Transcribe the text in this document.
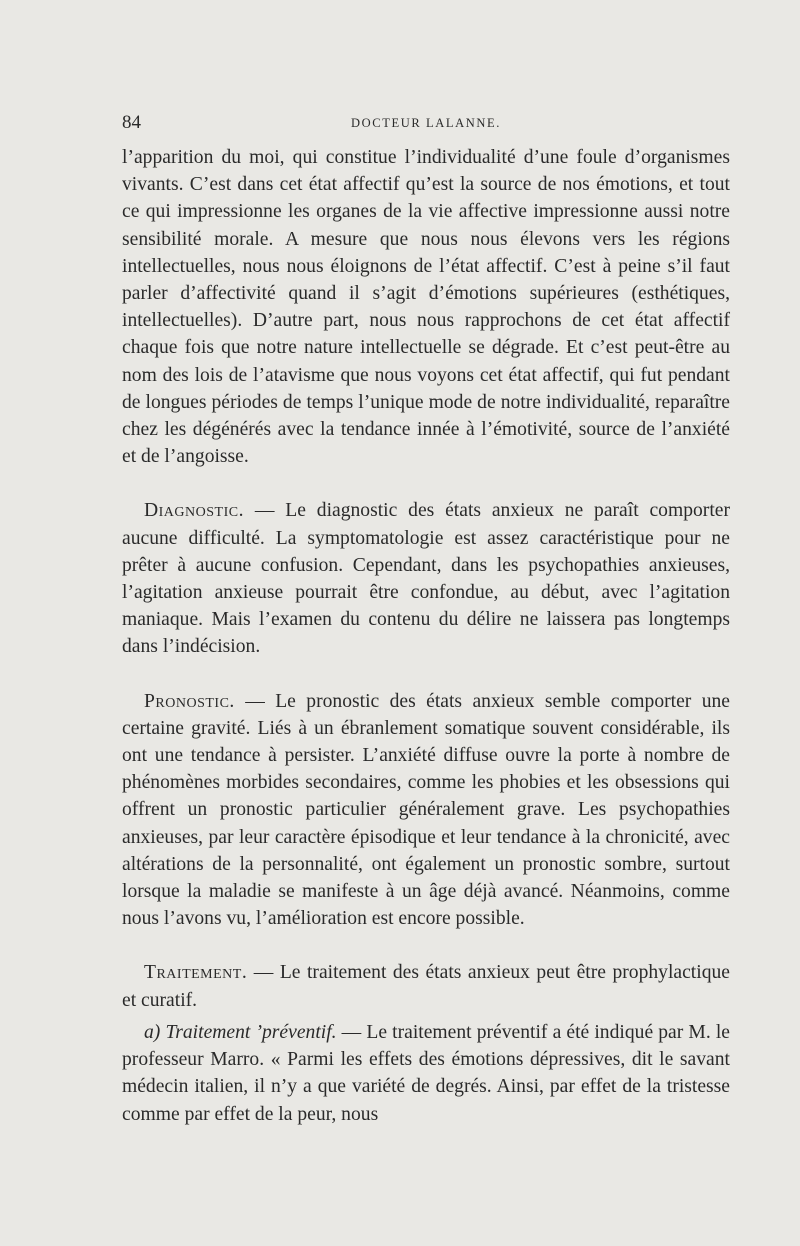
84	DOCTEUR LALANNE.

l’apparition du moi, qui constitue l’individualité d’une foule d’organismes vivants. C’est dans cet état affectif qu’est la source de nos émotions, et tout ce qui impressionne les organes de la vie affective impressionne aussi notre sensibilité morale. A mesure que nous nous élevons vers les régions intellectuelles, nous nous éloignons de l’état affectif. C’est à peine s’il faut parler d’affectivité quand il s’agit d’émotions supérieures (esthétiques, intellectuelles). D’autre part, nous nous rapprochons de cet état affectif chaque fois que notre nature intellectuelle se dégrade. Et c’est peut-être au nom des lois de l’atavisme que nous voyons cet état affectif, qui fut pendant de longues périodes de temps l’unique mode de notre individualité, reparaître chez les dégénérés avec la tendance innée à l’émotivité, source de l’anxiété et de l’angoisse.

Diagnostic. — Le diagnostic des états anxieux ne paraît comporter aucune difficulté. La symptomatologie est assez caractéristique pour ne prêter à aucune confusion. Cependant, dans les psychopathies anxieuses, l’agitation anxieuse pourrait être confondue, au début, avec l’agitation maniaque. Mais l’examen du contenu du délire ne laissera pas longtemps dans l’indécision.

Pronostic. — Le pronostic des états anxieux semble comporter une certaine gravité. Liés à un ébranlement somatique souvent considérable, ils ont une tendance à persister. L’anxiété diffuse ouvre la porte à nombre de phénomènes morbides secondaires, comme les phobies et les obsessions qui offrent un pronostic particulier généralement grave. Les psychopathies anxieuses, par leur caractère épisodique et leur tendance à la chronicité, avec altérations de la personnalité, ont également un pronostic sombre, surtout lorsque la maladie se manifeste à un âge déjà avancé. Néanmoins, comme nous l’avons vu, l’amélioration est encore possible.

Traitement. — Le traitement des états anxieux peut être prophylactique et curatif.

a) Traitement ’préventif. — Le traitement préventif a été indiqué par M. le professeur Marro. « Parmi les effets des émotions dépressives, dit le savant médecin italien, il n’y a que variété de degrés. Ainsi, par effet de la tristesse comme par effet de la peur, nous
